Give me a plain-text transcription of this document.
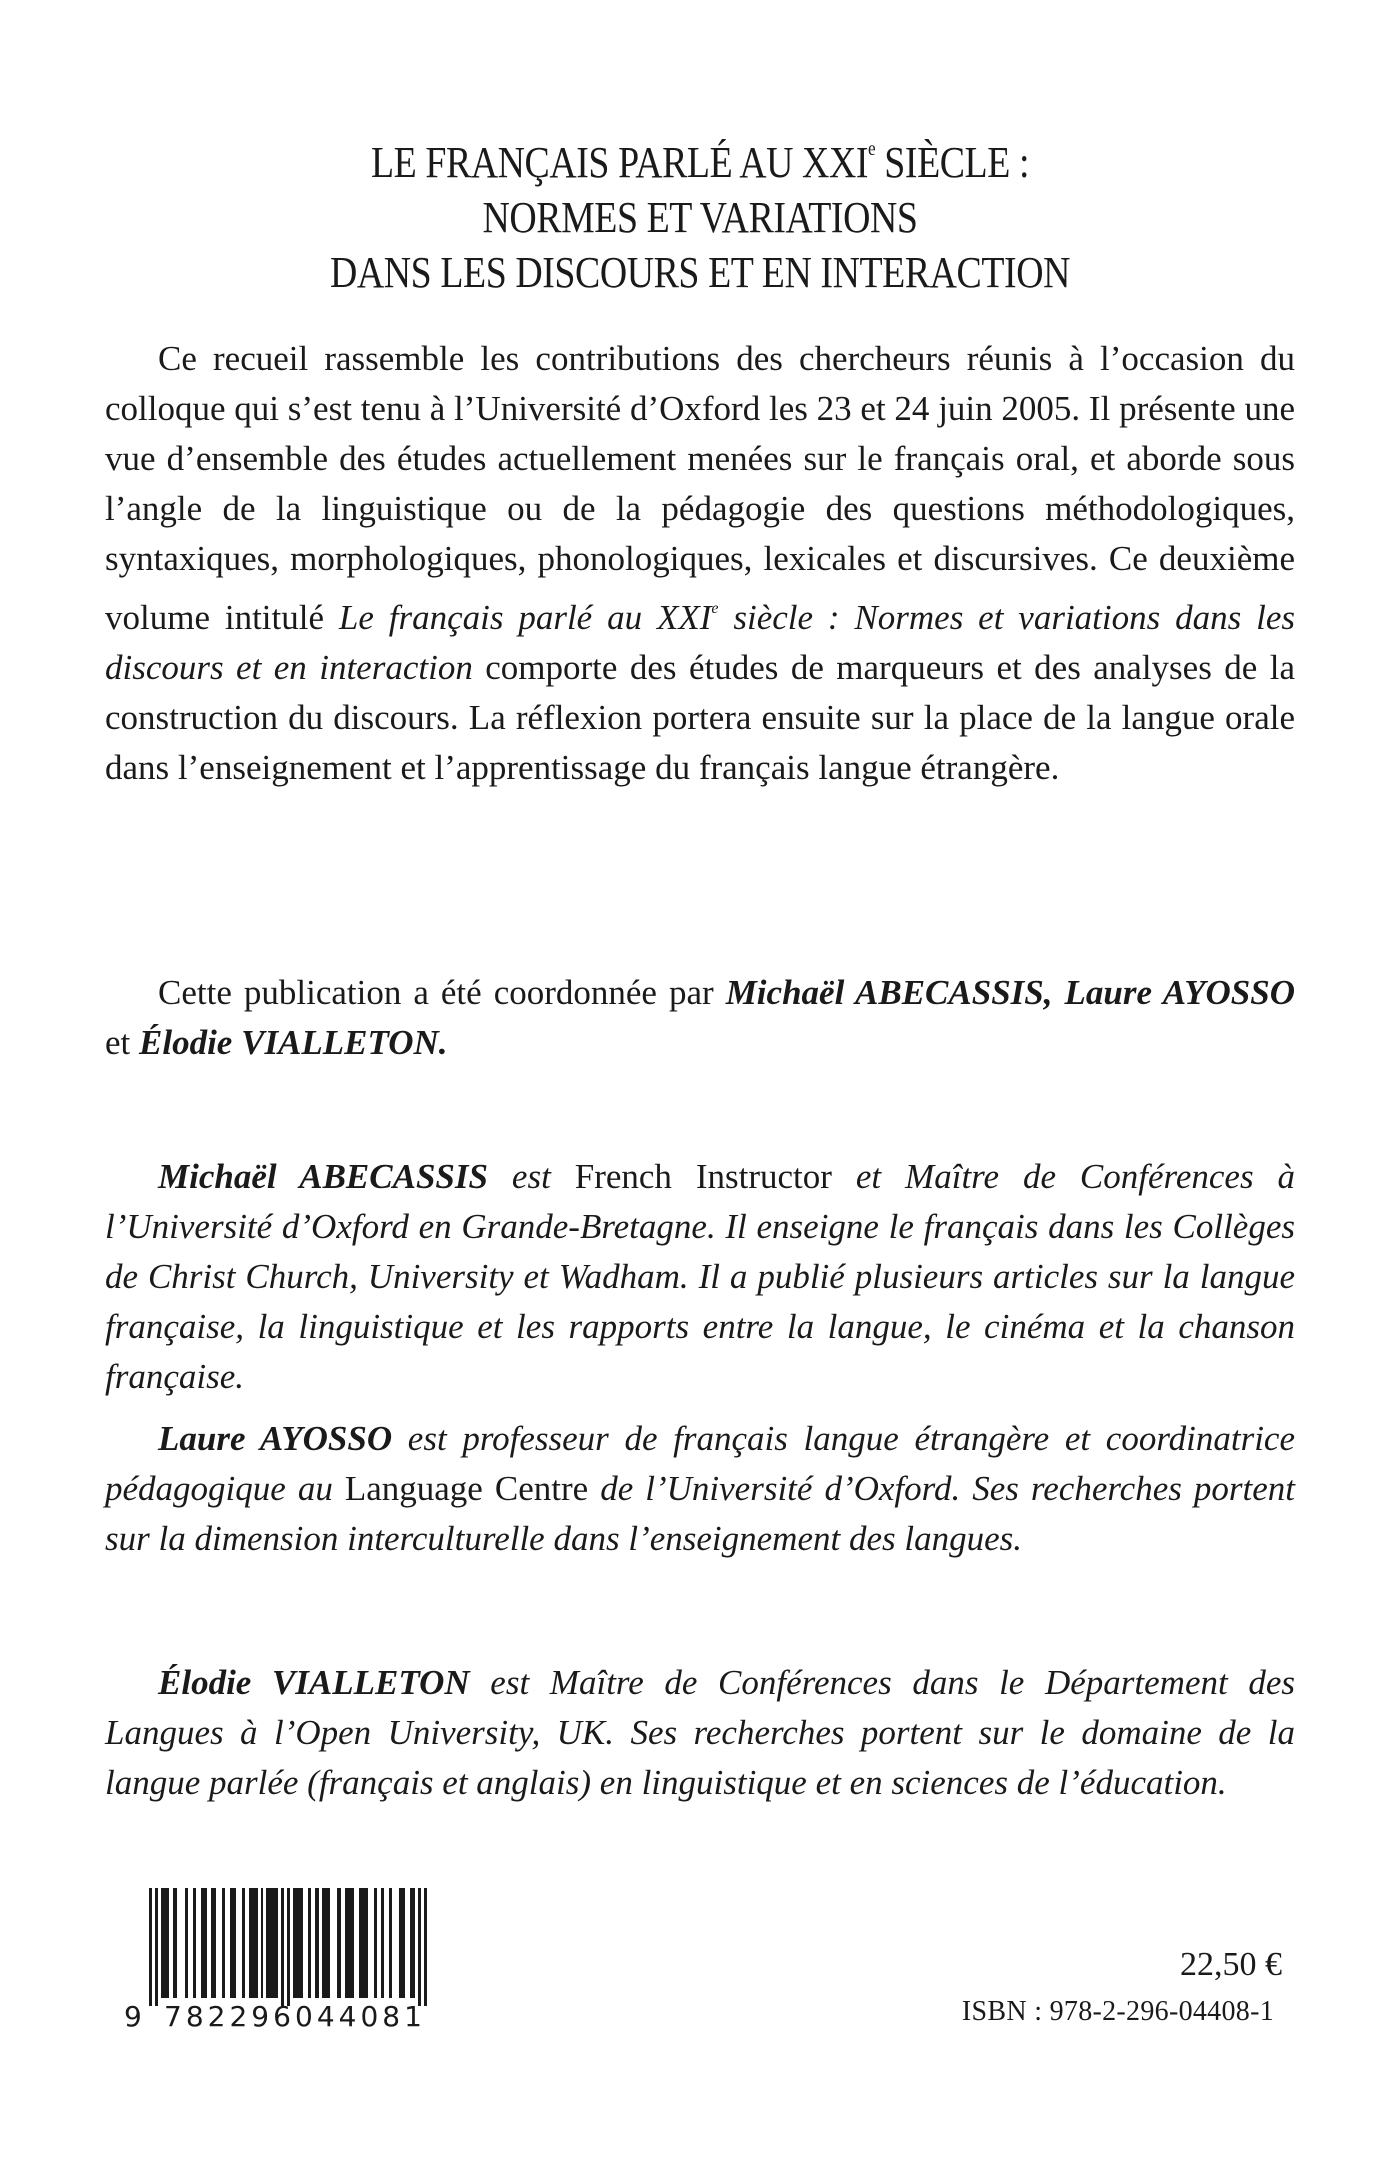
LE FRANÇAIS PARLÉ AU XXIe SIÈCLE :
NORMES ET VARIATIONS
DANS LES DISCOURS ET EN INTERACTION

Ce recueil rassemble les contributions des chercheurs réunis à l’occasion du colloque qui s’est tenu à l’Université d’Oxford les 23 et 24 juin 2005. Il présente une vue d’ensemble des études actuellement menées sur le français oral, et aborde sous l’angle de la linguistique ou de la pédagogie des questions méthodologiques, syntaxiques, morphologiques, phonologiques, lexicales et discursives. Ce deuxième volume intitulé Le français parlé au XXIe siècle : Normes et variations dans les discours et en interaction comporte des études de marqueurs et des analyses de la construction du discours. La réflexion portera ensuite sur la place de la langue orale dans l’enseignement et l’apprentissage du français langue étrangère.

Cette publication a été coordonnée par Michaël ABECASSIS, Laure AYOSSO et Élodie VIALLETON.

Michaël ABECASSIS est French Instructor et Maître de Conférences à l’Université d’Oxford en Grande-Bretagne. Il enseigne le français dans les Collèges de Christ Church, University et Wadham. Il a publié plusieurs articles sur la langue française, la linguistique et les rapports entre la langue, le cinéma et la chanson française.

Laure AYOSSO est professeur de français langue étrangère et coordinatrice pédagogique au Language Centre de l’Université d’Oxford. Ses recherches portent sur la dimension interculturelle dans l’enseignement des langues.

Élodie VIALLETON est Maître de Conférences dans le Département des Langues à l’Open University, UK. Ses recherches portent sur le domaine de la langue parlée (français et anglais) en linguistique et en sciences de l’éducation.

9 782296 044081
22,50 €
ISBN : 978-2-296-04408-1
